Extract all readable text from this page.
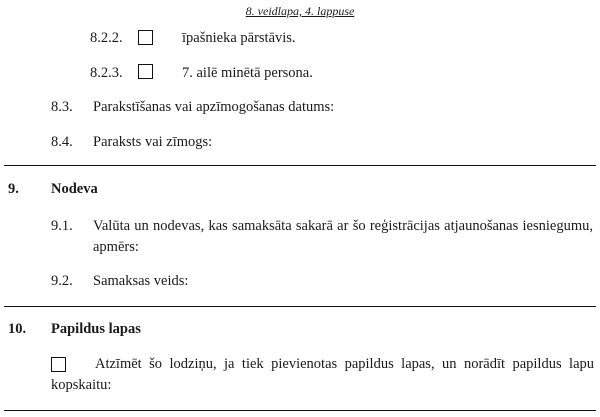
8. veidlapa, 4. lappuse
8.2.2.	īpašnieka pārstāvis.
8.2.3.	7. ailē minētā persona.
8.3. Parakstīšanas vai apzīmogošanas datums:
8.4. Paraksts vai zīmogs:
9. Nodeva
9.1. Valūta un nodevas, kas samaksāta sakarā ar šo reģistrācijas atjaunošanas iesniegumu, apmērs:
9.2. Samaksas veids:
10. Papildus lapas
Atzīmēt šo lodziņu, ja tiek pievienotas papildus lapas, un norādīt papildus lapu kopskaitu:
